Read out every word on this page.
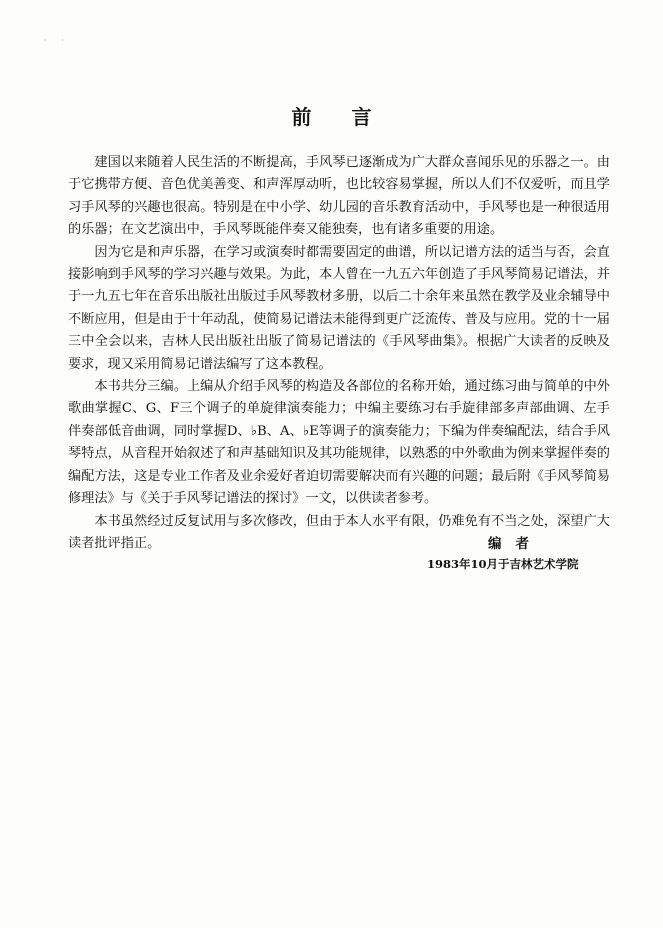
· ·
前言

建国以来随着人民生活的不断提高，手风琴已逐渐成为广大群众喜闻乐见的乐器之一。由于它携带方便、音色优美善变、和声浑厚动听，也比较容易掌握，所以人们不仅爱听，而且学习手风琴的兴趣也很高。特别是在中小学、幼儿园的音乐教育活动中，手风琴也是一种很适用的乐器；在文艺演出中，手风琴既能伴奏又能独奏，也有诸多重要的用途。

因为它是和声乐器，在学习或演奏时都需要固定的曲谱，所以记谱方法的适当与否，会直接影响到手风琴的学习兴趣与效果。为此，本人曾在一九五六年创造了手风琴简易记谱法，并于一九五七年在音乐出版社出版过手风琴教材多册，以后二十余年来虽然在教学及业余辅导中不断应用，但是由于十年动乱，使简易记谱法未能得到更广泛流传、普及与应用。党的十一届三中全会以来，吉林人民出版社出版了简易记谱法的《手风琴曲集》。根据广大读者的反映及要求，现又采用简易记谱法编写了这本教程。

本书共分三编。上编从介绍手风琴的构造及各部位的名称开始，通过练习曲与简单的中外歌曲掌握C、G、F三个调子的单旋律演奏能力；中编主要练习右手旋律部多声部曲调、左手伴奏部低音曲调，同时掌握D、♭B、A、♭E等调子的演奏能力；下编为伴奏编配法，结合手风琴特点，从音程开始叙述了和声基础知识及其功能规律，以熟悉的中外歌曲为例来掌握伴奏的编配方法，这是专业工作者及业余爱好者迫切需要解决而有兴趣的问题；最后附《手风琴简易修理法》与《关于手风琴记谱法的探讨》一文，以供读者参考。

本书虽然经过反复试用与多次修改，但由于本人水平有限，仍难免有不当之处，深望广大读者批评指正。	编者
1983年10月于吉林艺术学院
